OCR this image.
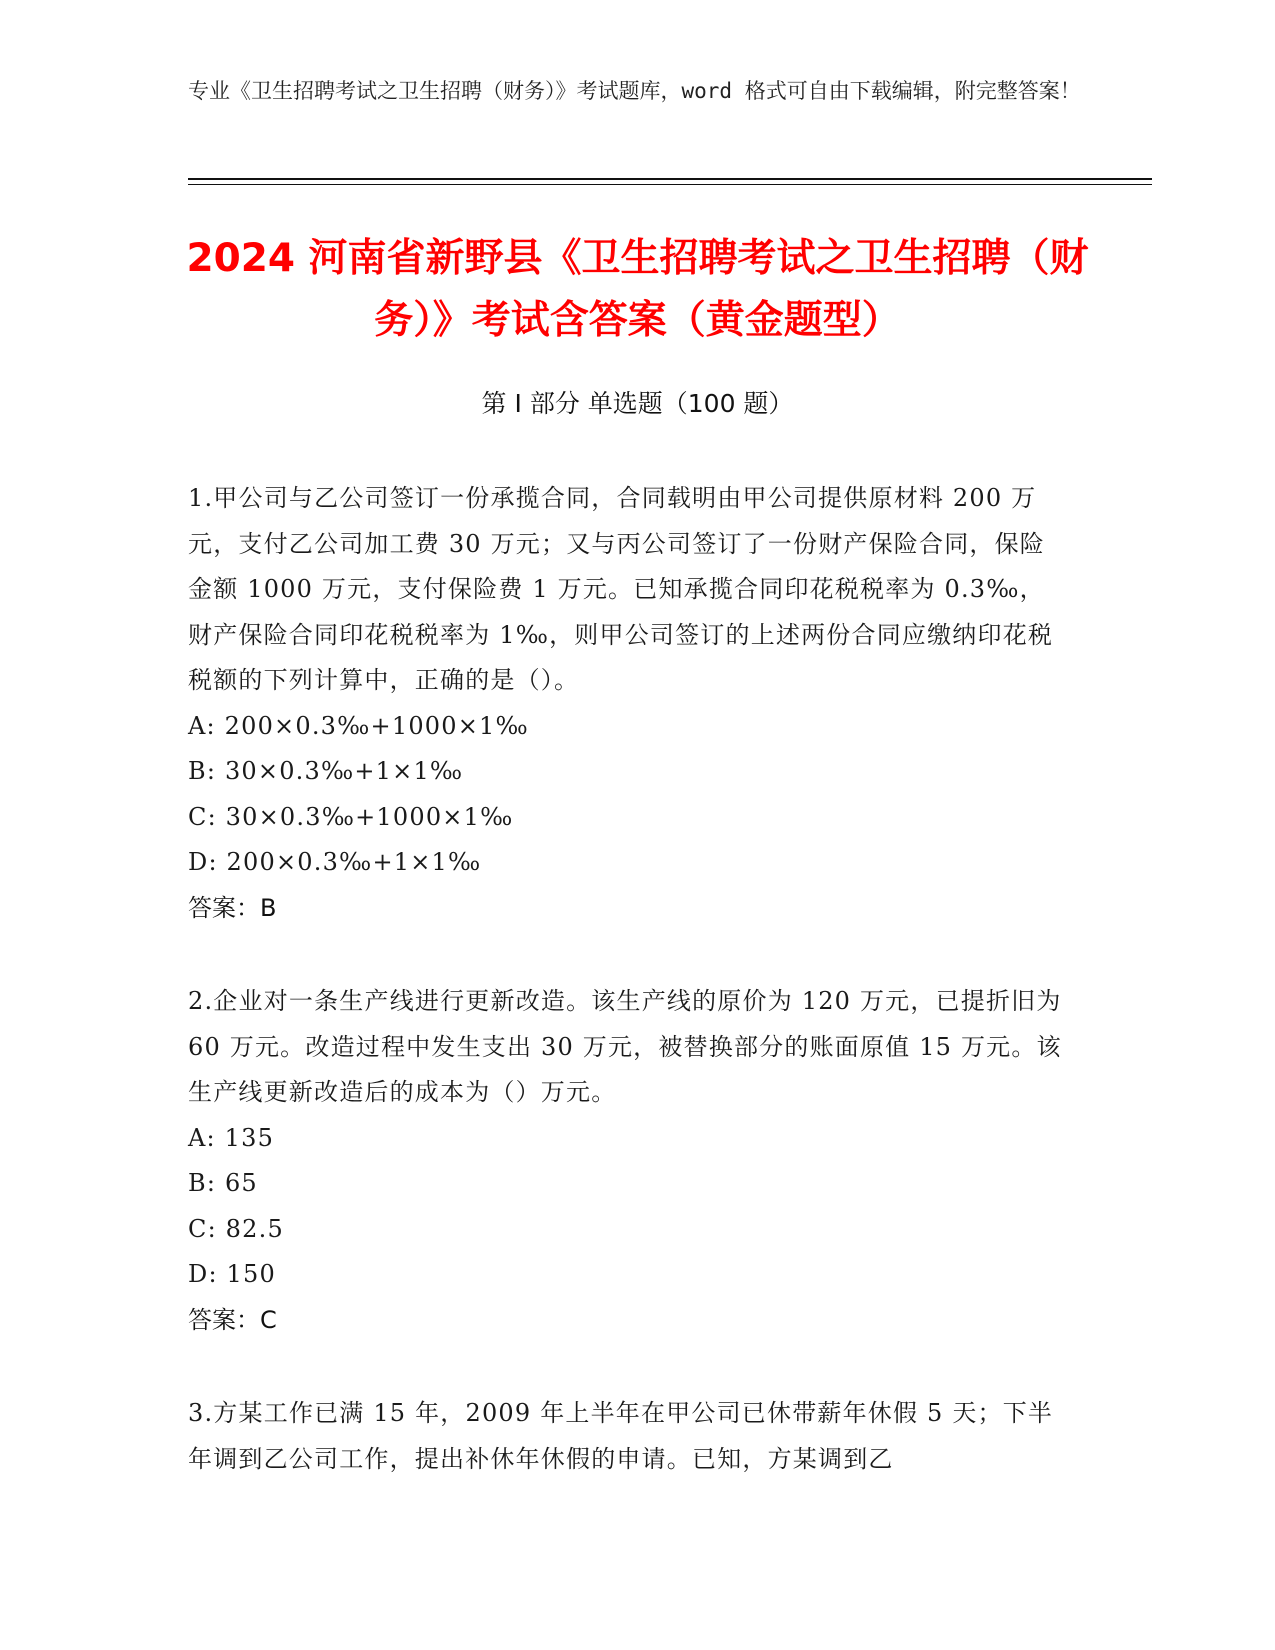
专业《卫生招聘考试之卫生招聘（财务）》考试题库，word 格式可自由下载编辑，附完整答案！
2024 河南省新野县《卫生招聘考试之卫生招聘（财务）》考试含答案（黄金题型）
第 I 部分 单选题（100 题）

1.甲公司与乙公司签订一份承揽合同，合同载明由甲公司提供原材料 200 万元，支付乙公司加工费 30 万元；又与丙公司签订了一份财产保险合同，保险金额 1000 万元，支付保险费 1 万元。已知承揽合同印花税税率为 0.3‰，财产保险合同印花税税率为 1‰，则甲公司签订的上述两份合同应缴纳印花税税额的下列计算中，正确的是（）。

A: 200×0.3‰+1000×1‰

B: 30×0.3‰+1×1‰

C: 30×0.3‰+1000×1‰

D: 200×0.3‰+1×1‰

答案：B

2.企业对一条生产线进行更新改造。该生产线的原价为 120 万元，已提折旧为 60 万元。改造过程中发生支出 30 万元，被替换部分的账面原值 15 万元。该生产线更新改造后的成本为（）万元。

A: 135

B: 65

C: 82.5

D: 150

答案：C

3.方某工作已满 15 年，2009 年上半年在甲公司已休带薪年休假 5 天；下半年调到乙公司工作，提出补休年休假的申请。已知，方某调到乙
